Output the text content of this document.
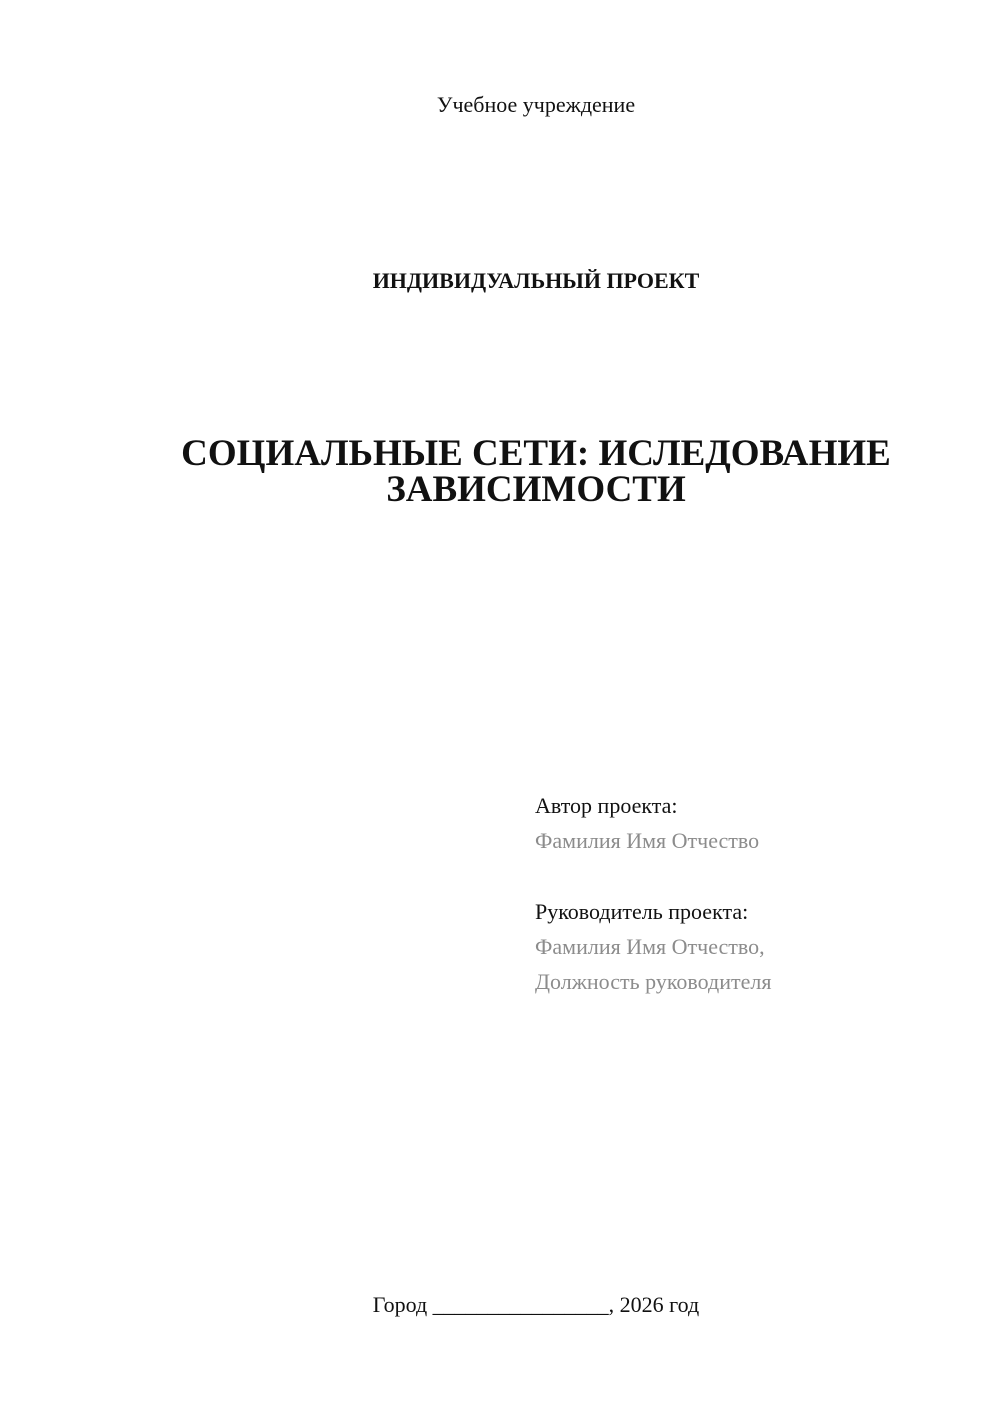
Учебное учреждение
ИНДИВИДУАЛЬНЫЙ ПРОЕКТ
СОЦИАЛЬНЫЕ СЕТИ: ИСЛЕДОВАНИЕ
ЗАВИСИМОСТИ
Автор проекта:
Фамилия Имя Отчество
Руководитель проекта:
Фамилия Имя Отчество,
Должность руководителя
Город ________________, 2026 год
